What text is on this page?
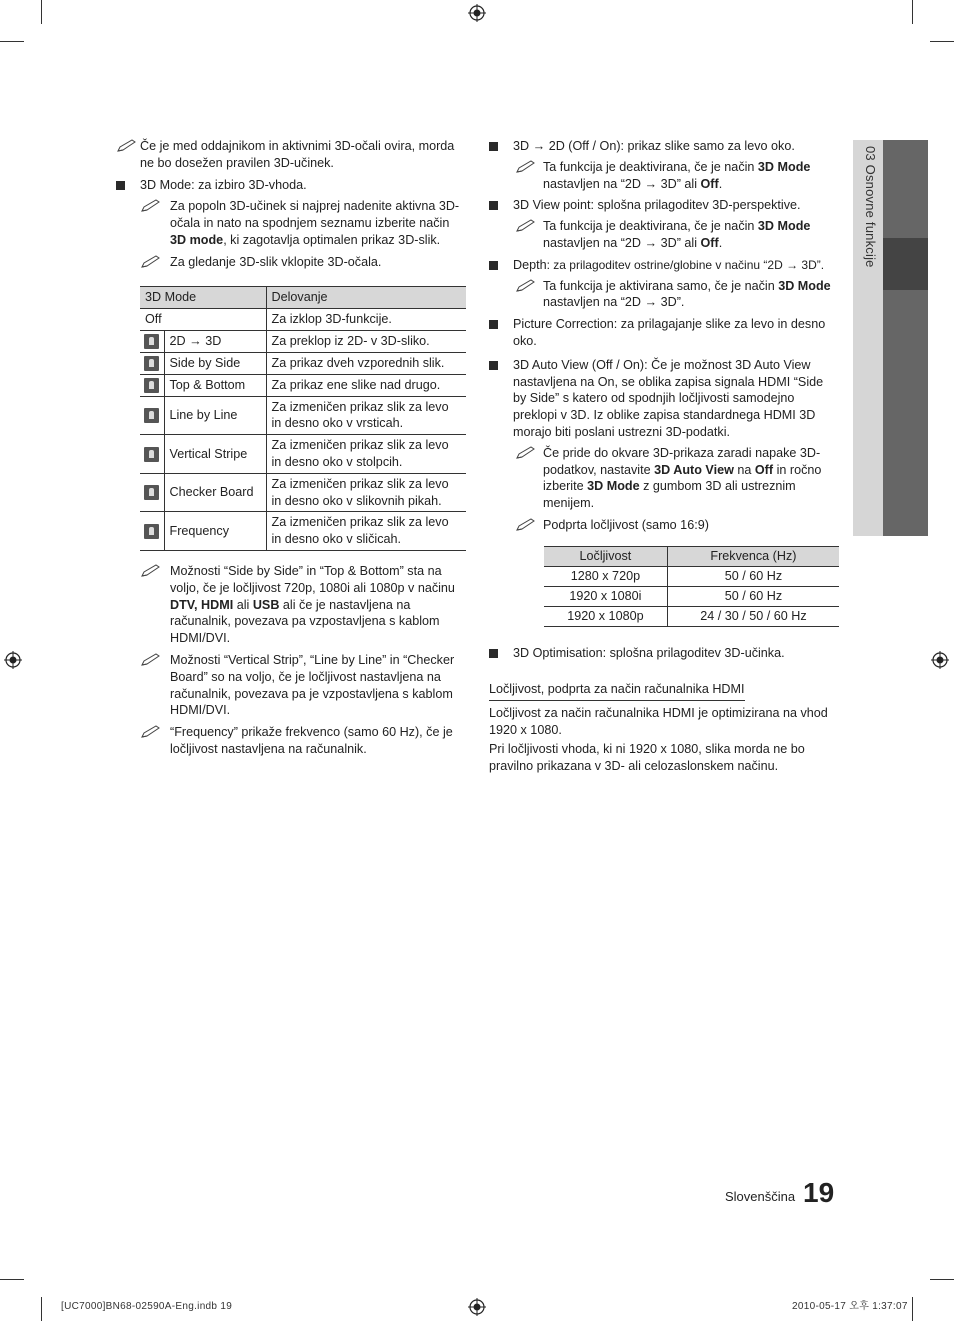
03 Osnovne funkcije
Če je med oddajnikom in aktivnimi 3D-očali ovira, morda ne bo dosežen pravilen 3D-učinek.
3D Mode: za izbiro 3D-vhoda.
Za popoln 3D-učinek si najprej nadenite aktivna 3D-očala in nato na spodnjem seznamu izberite način 3D mode, ki zagotavlja optimalen prikaz 3D-slik.
Za gledanje 3D-slik vklopite 3D-očala.
3D Mode		Delovanje
Off		Za izklop 3D-funkcije.
	2D → 3D	Za preklop iz 2D- v 3D-sliko.
	Side by Side	Za prikaz dveh vzporednih slik.
	Top & Bottom	Za prikaz ene slike nad drugo.
	Line by Line	Za izmeničen prikaz slik za levo in desno oko v vrsticah.
	Vertical Stripe	Za izmeničen prikaz slik za levo in desno oko v stolpcih.
	Checker Board	Za izmeničen prikaz slik za levo in desno oko v slikovnih pikah.
	Frequency	Za izmeničen prikaz slik za levo in desno oko v sličicah.
Možnosti “Side by Side” in “Top & Bottom” sta na voljo, če je ločljivost 720p, 1080i ali 1080p v načinu DTV, HDMI ali USB ali če je nastavljena na računalnik, povezava pa vzpostavljena s kablom HDMI/DVI.
Možnosti “Vertical Strip”, “Line by Line” in “Checker Board” so na voljo, če je ločljivost nastavljena na računalnik, povezava pa je vzpostavljena s kablom HDMI/DVI.
“Frequency” prikaže frekvenco (samo 60 Hz), če je ločljivost nastavljena na računalnik.
3D → 2D (Off / On): prikaz slike samo za levo oko.
Ta funkcija je deaktivirana, če je način 3D Mode nastavljen na “2D → 3D” ali Off.
3D View point: splošna prilagoditev 3D-perspektive.
Ta funkcija je deaktivirana, če je način 3D Mode nastavljen na “2D → 3D” ali Off.
Depth: za prilagoditev ostrine/globine v načinu “2D → 3D”.
Ta funkcija je aktivirana samo, če je način 3D Mode nastavljen na “2D → 3D”.
Picture Correction: za prilagajanje slike za levo in desno oko.
3D Auto View (Off / On): Če je možnost 3D Auto View nastavljena na On, se oblika zapisa signala HDMI “Side by Side” s katero od spodnjih ločljivosti samodejno preklopi v 3D. Iz oblike zapisa standardnega HDMI 3D morajo biti poslani ustrezni 3D-podatki.
Če pride do okvare 3D-prikaza zaradi napake 3D-podatkov, nastavite 3D Auto View na Off in ročno izberite 3D Mode z gumbom 3D ali ustreznim menijem.
Podprta ločljivost (samo 16:9)
Ločljivost	Frekvenca (Hz)
1280 x 720p	50 / 60 Hz
1920 x 1080i	50 / 60 Hz
1920 x 1080p	24 / 30 / 50 / 60 Hz
3D Optimisation: splošna prilagoditev 3D-učinka.
Ločljivost, podprta za način računalnika HDMI
Ločljivost za način računalnika HDMI je optimizirana na vhod 1920 x 1080.
Pri ločljivosti vhoda, ki ni 1920 x 1080, slika morda ne bo pravilno prikazana v 3D- ali celozaslonskem načinu.
Slovenščina 19
[UC7000]BN68-02590A-Eng.indb 19	2010-05-17 오후 1:37:07
